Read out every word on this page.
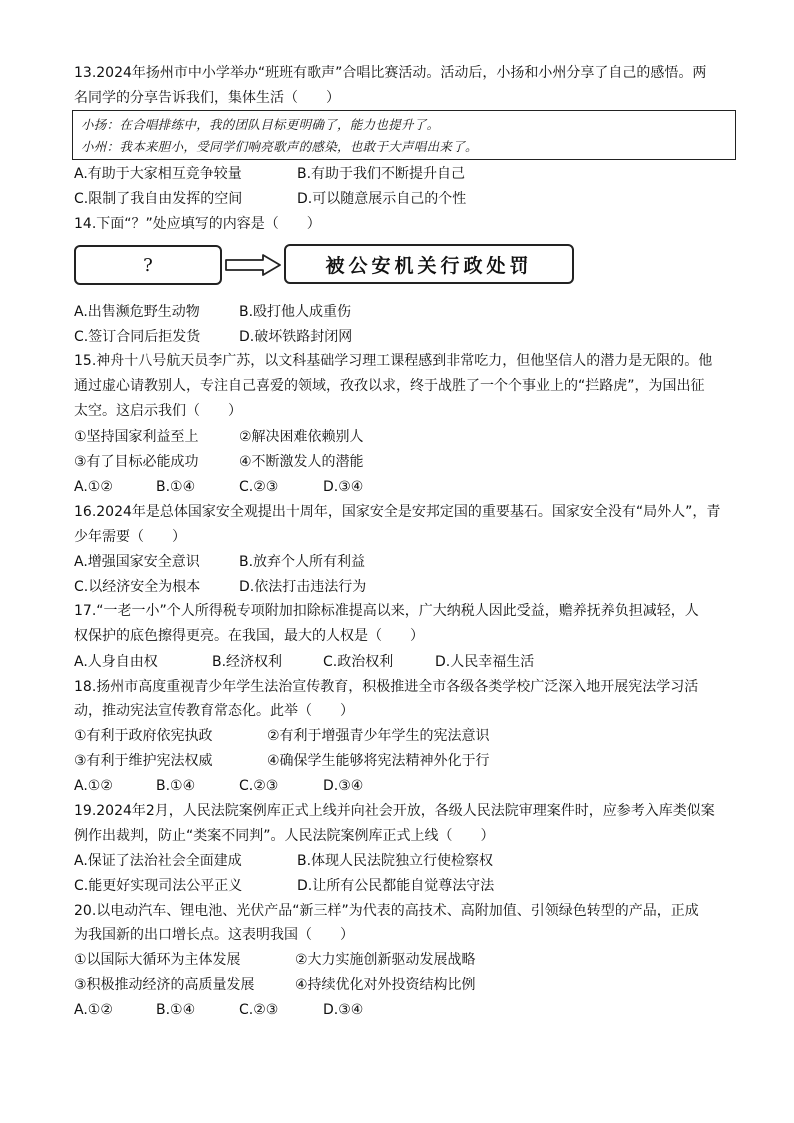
13.2024年扬州市中小学举办“班班有歌声”合唱比赛活动。活动后，小扬和小州分享了自己的感悟。两
名同学的分享告诉我们，集体生活（　　）
小扬：在合唱排练中，我的团队目标更明确了，能力也提升了。
小州：我本来胆小，受同学们响亮歌声的感染，也敢于大声唱出来了。
A.有助于大家相互竞争较量	B.有助于我们不断提升自己
C.限制了我自由发挥的空间	D.可以随意展示自己的个性
14.下面“？”处应填写的内容是（　　）
?	被公安机关行政处罚
A.出售濒危野生动物	B.殴打他人成重伤
C.签订合同后拒发货	D.破坏铁路封闭网
15.神舟十八号航天员李广苏，以文科基础学习理工课程感到非常吃力，但他坚信人的潜力是无限的。他
通过虚心请教别人，专注自己喜爱的领域，孜孜以求，终于战胜了一个个事业上的“拦路虎”，为国出征
太空。这启示我们（　　）
①坚持国家利益至上	②解决困难依赖别人
③有了目标必能成功	④不断激发人的潜能
A.①②	B.①④	C.②③	D.③④
16.2024年是总体国家安全观提出十周年，国家安全是安邦定国的重要基石。国家安全没有“局外人”，青
少年需要（　　）
A.增强国家安全意识	B.放弃个人所有利益
C.以经济安全为根本	D.依法打击违法行为
17.“一老一小”个人所得税专项附加扣除标准提高以来，广大纳税人因此受益，赡养抚养负担减轻，人
权保护的底色擦得更亮。在我国，最大的人权是（　　）
A.人身自由权	B.经济权利	C.政治权利	D.人民幸福生活
18.扬州市高度重视青少年学生法治宣传教育，积极推进全市各级各类学校广泛深入地开展宪法学习活
动，推动宪法宣传教育常态化。此举（　　）
①有利于政府依宪执政	②有利于增强青少年学生的宪法意识
③有利于维护宪法权威	④确保学生能够将宪法精神外化于行
A.①②	B.①④	C.②③	D.③④
19.2024年2月，人民法院案例库正式上线并向社会开放，各级人民法院审理案件时，应参考入库类似案
例作出裁判，防止“类案不同判”。人民法院案例库正式上线（　　）
A.保证了法治社会全面建成	B.体现人民法院独立行使检察权
C.能更好实现司法公平正义	D.让所有公民都能自觉尊法守法
20.以电动汽车、锂电池、光伏产品“新三样”为代表的高技术、高附加值、引领绿色转型的产品，正成
为我国新的出口增长点。这表明我国（　　）
①以国际大循环为主体发展	②大力实施创新驱动发展战略
③积极推动经济的高质量发展	④持续优化对外投资结构比例
A.①②	B.①④	C.②③	D.③④
